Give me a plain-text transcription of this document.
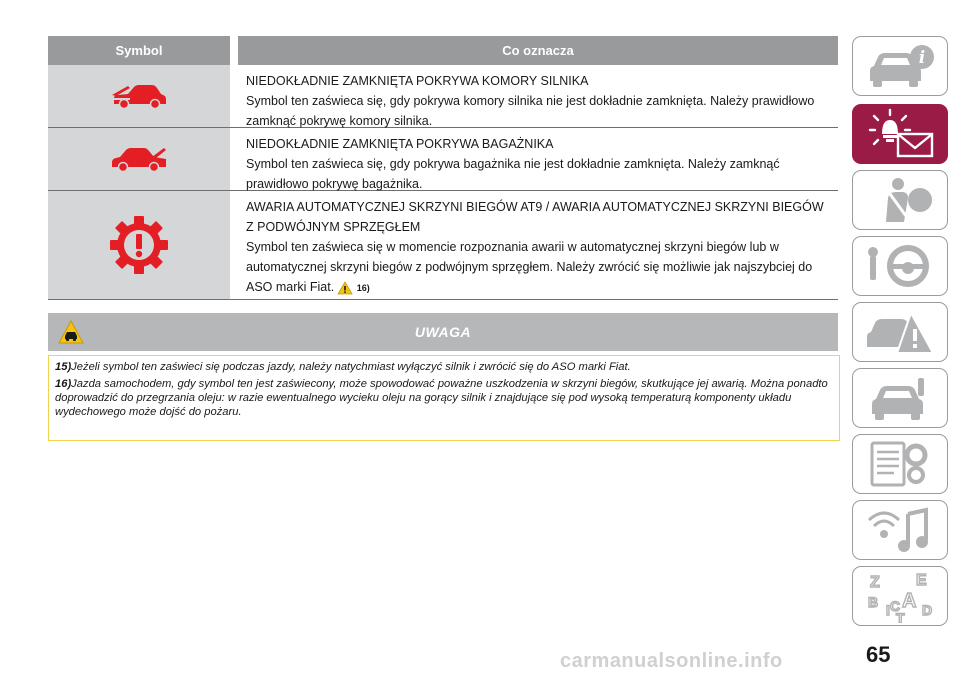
Symbol	Co oznacza
NIEDOKŁADNIE ZAMKNIĘTA POKRYWA KOMORY SILNIKA
Symbol ten zaświeca się, gdy pokrywa komory silnika nie jest dokładnie zamknięta. Należy prawidłowo zamknąć pokrywę komory silnika.
NIEDOKŁADNIE ZAMKNIĘTA POKRYWA BAGAŻNIKA
Symbol ten zaświeca się, gdy pokrywa bagażnika nie jest dokładnie zamknięta. Należy zamknąć prawidłowo pokrywę bagażnika.
AWARIA AUTOMATYCZNEJ SKRZYNI BIEGÓW AT9 / AWARIA AUTOMATYCZNEJ SKRZYNI BIEGÓW Z PODWÓJNYM SPRZĘGŁEM
Symbol ten zaświeca się w momencie rozpoznania awarii w automatycznej skrzyni biegów lub w automatycznej skrzyni biegów z podwójnym sprzęgłem. Należy zwrócić się możliwie jak najszybciej do ASO marki Fiat. 16)
UWAGA

15)Jeżeli symbol ten zaświeci się podczas jazdy, należy natychmiast wyłączyć silnik i zwrócić się do ASO marki Fiat.

16)Jazda samochodem, gdy symbol ten jest zaświecony, może spowodować poważne uszkodzenia w skrzyni biegów, skutkujące jej awarią. Można ponadto doprowadzić do przegrzania oleju: w razie ewentualnego wycieku oleju na gorący silnik i znajdujące się pod wysoką temperaturą komponenty układu wydechowego może dojść do pożaru.

i
Z E
B A
I C
T D
65
carmanualsonline.info
